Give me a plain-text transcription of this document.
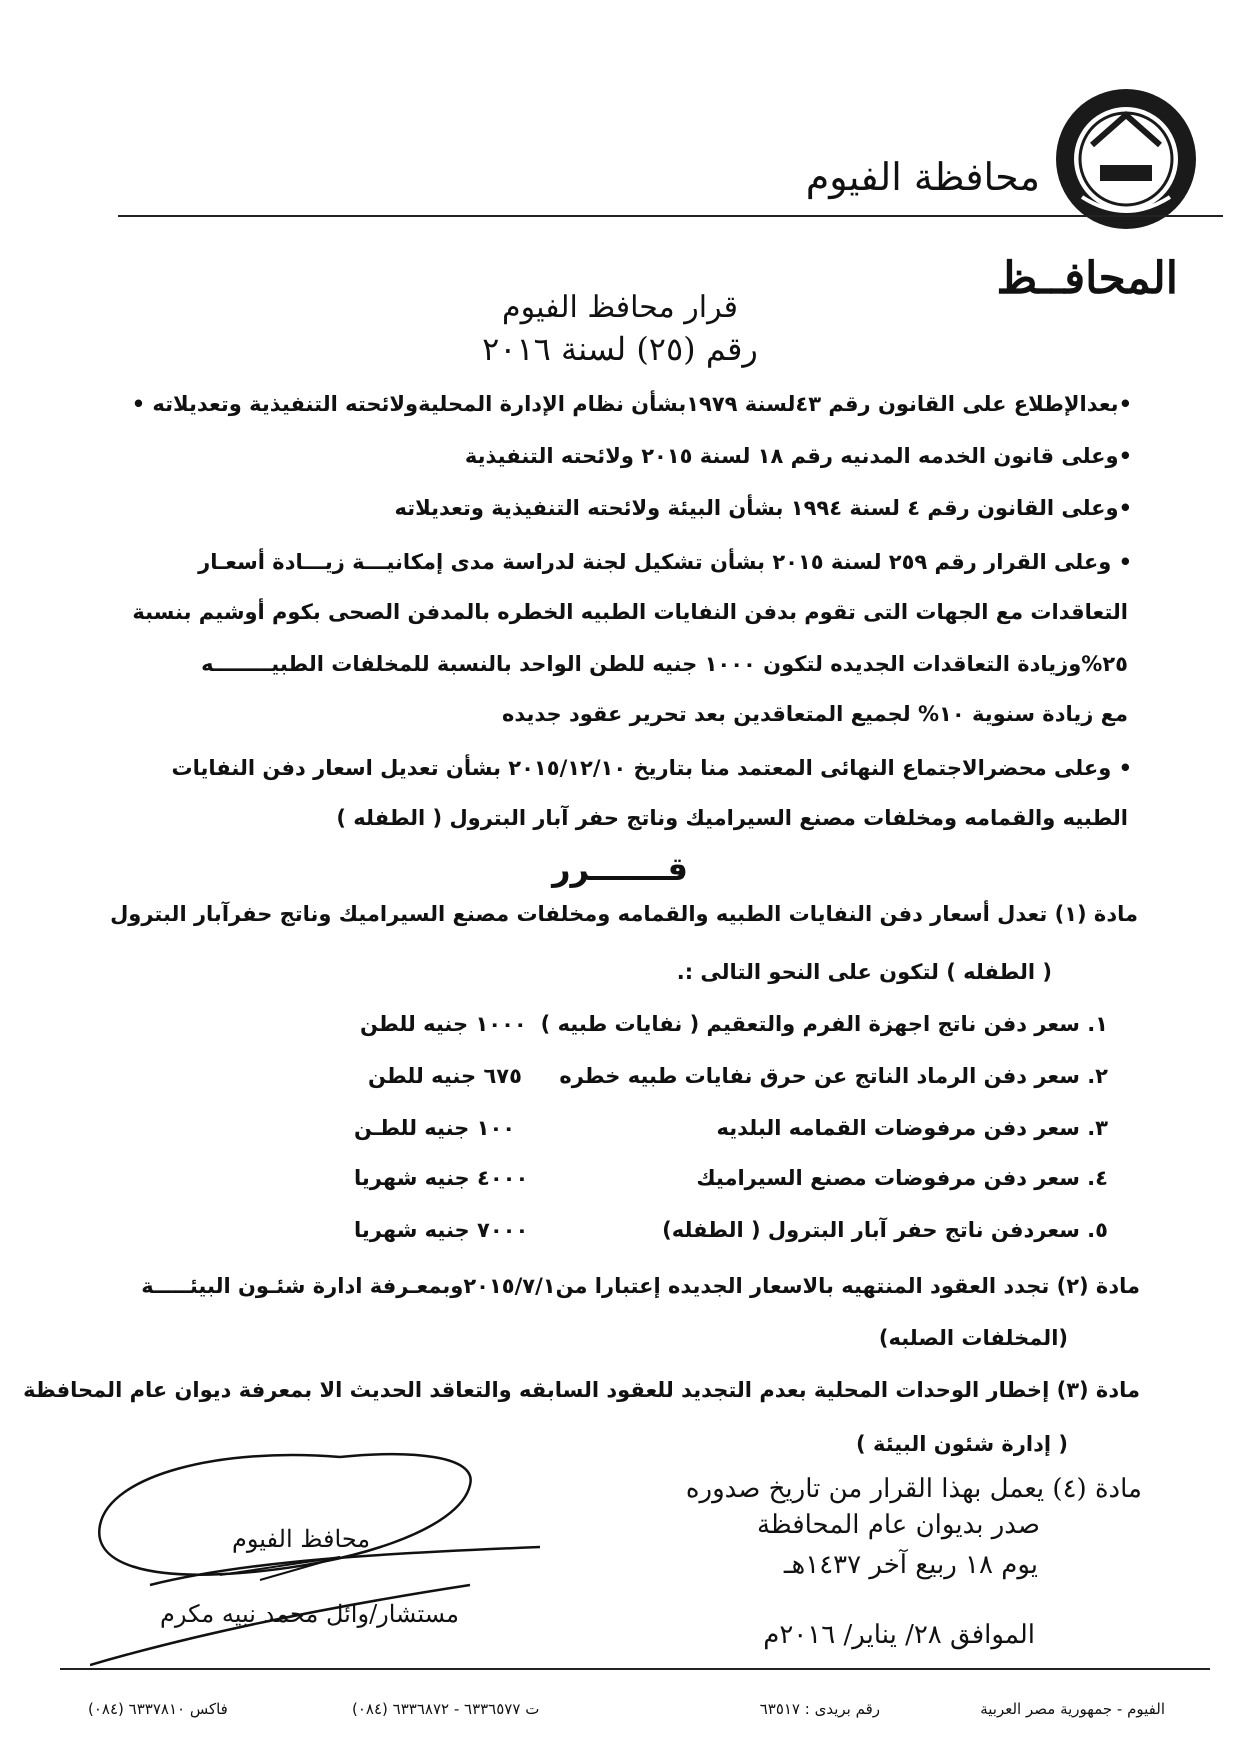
محافظة الفيوم
المحافــظ
قرار محافظ الفيوم
رقم (٢٥) لسنة ٢٠١٦
•بعدالإطلاع على القانون رقم ٤٣لسنة ١٩٧٩بشأن نظام الإدارة المحليةولائحته التنفيذية وتعديلاته •
•وعلى قانون الخدمه المدنيه رقم ١٨ لسنة ٢٠١٥ ولائحته التنفيذية
•وعلى القانون رقم ٤ لسنة ١٩٩٤ بشأن البيئة ولائحته التنفيذية وتعديلاته
• وعلى القرار رقم ٢٥٩ لسنة ٢٠١٥ بشأن تشكيل لجنة لدراسة مدى إمكانيـــة زيـــادة أسعـار
التعاقدات مع الجهات التى تقوم بدفن النفايات الطبيه الخطره بالمدفن الصحى بكوم أوشيم بنسبة
٢٥%وزيادة التعاقدات الجديده لتكون ١٠٠٠ جنيه للطن الواحد بالنسبة للمخلفات الطبيــــــــه
مع زيادة سنوية ١٠% لجميع المتعاقدين بعد تحرير عقود جديده
• وعلى محضرالاجتماع النهائى المعتمد منا بتاريخ ٢٠١٥/١٢/١٠ بشأن تعديل اسعار دفن النفايات
الطبيه والقمامه ومخلفات مصنع السيراميك وناتج حفر آبار البترول ( الطفله )
قـــــــرر
مادة (١) تعدل أسعار دفن النفايات الطبيه والقمامه ومخلفات مصنع السيراميك وناتج حفرآبار البترول
( الطفله ) لتكون على النحو التالى :.
١. سعر دفن ناتج اجهزة الفرم والتعقيم ( نفايات طبيه )
١٠٠٠ جنيه للطن
٢. سعر دفن الرماد الناتج عن حرق نفايات طبيه خطره
٦٧٥ جنيه للطن
٣. سعر دفن مرفوضات القمامه البلديه
١٠٠ جنيه للطـن
٤. سعر دفن مرفوضات مصنع السيراميك
٤٠٠٠ جنيه شهريا
٥. سعردفن ناتج حفر آبار البترول ( الطفله)
٧٠٠٠ جنيه شهريا
مادة (٢) تجدد العقود المنتهيه بالاسعار الجديده إعتبارا من٢٠١٥/٧/١وبمعـرفة ادارة شئـون البيئـــــة
(المخلفات الصلبه)
مادة (٣) إخطار الوحدات المحلية بعدم التجديد للعقود السابقه والتعاقد الحديث الا بمعرفة ديوان عام المحافظة
( إدارة شئون البيئة )
مادة (٤) يعمل بهذا القرار من تاريخ صدوره
صدر بديوان عام المحافظة
يوم ١٨ ربيع آخر ١٤٣٧هـ
الموافق ٢٨/ يناير/ ٢٠١٦م
محافظ الفيوم
مستشار/وائل محمد نبيه مكرم
الفيوم - جمهورية مصر العربية
رقم بريدى : ٦٣٥١٧
ت ٦٣٣٦٥٧٧ - ٦٣٣٦٨٧٢ (٠٨٤)
فاكس ٦٣٣٧٨١٠ (٠٨٤)
